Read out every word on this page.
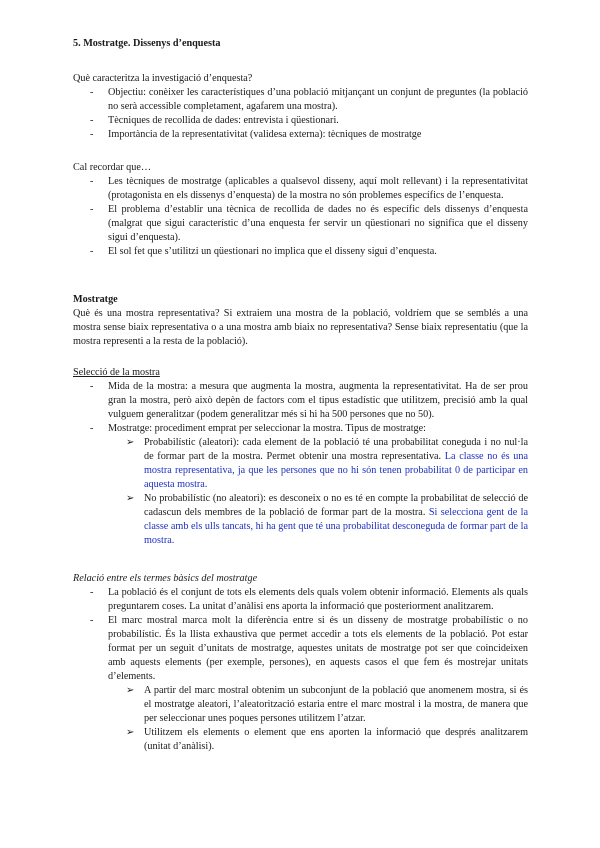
5. Mostratge. Dissenys d’enquesta
Què caracteritza la investigació d’enquesta?
- Objectiu: conèixer les característiques d’una població mitjançant un conjunt de preguntes (la població no serà accessible completament, agafarem una mostra).
- Tècniques de recollida de dades: entrevista i qüestionari.
- Importància de la representativitat (validesa externa): tècniques de mostratge
Cal recordar que…
- Les tècniques de mostratge (aplicables a qualsevol disseny, aquí molt rellevant) i la representativitat (protagonista en els dissenys d’enquesta) de la mostra no són problemes específics de l’enquesta.
- El problema d’establir una tècnica de recollida de dades no és específic dels dissenys d’enquesta (malgrat que sigui característic d’una enquesta fer servir un qüestionari no significa que el disseny sigui d’enquesta).
- El sol fet que s’utilitzi un qüestionari no implica que el disseny sigui d’enquesta.
Mostratge
Què és una mostra representativa? Si extraiem una mostra de la població, voldríem que se semblés a una mostra sense biaix representativa o a una mostra amb biaix no representativa? Sense biaix representatiu (que la mostra representi a la resta de la població).
Selecció de la mostra
- Mida de la mostra: a mesura que augmenta la mostra, augmenta la representativitat. Ha de ser prou gran la mostra, però això depèn de factors com el tipus estadístic que utilitzem, precisió amb la qual vulguem generalitzar (podem generalitzar més si hi ha 500 persones que no 50).
- Mostratge: procediment emprat per seleccionar la mostra. Tipus de mostratge:
➢ Probabilístic (aleatori): cada element de la població té una probabilitat coneguda i no nul·la de formar part de la mostra. Permet obtenir una mostra representativa. La classe no és una mostra representativa, ja que les persones que no hi són tenen probabilitat 0 de participar en aquesta mostra.
➢ No probabilístic (no aleatori): es desconeix o no es té en compte la probabilitat de selecció de cadascun dels membres de la població de formar part de la mostra. Si selecciona gent de la classe amb els ulls tancats, hi ha gent que té una probabilitat desconeguda de formar part de la mostra.
Relació entre els termes bàsics del mostratge
- La població és el conjunt de tots els elements dels quals volem obtenir informació. Elements als quals preguntarem coses. La unitat d’anàlisi ens aporta la informació que posteriorment analitzarem.
- El marc mostral marca molt la diferència entre si és un disseny de mostratge probabilístic o no probabilístic. És la llista exhaustiva que permet accedir a tots els elements de la població. Pot estar format per un seguit d’unitats de mostratge, aquestes unitats de mostratge pot ser que coincideixen amb aquests elements (per exemple, persones), en aquests casos el que fem és mostrejar unitats d’elements.
➢ A partir del marc mostral obtenim un subconjunt de la població que anomenem mostra, si és el mostratge aleatori, l’aleatorització estaria entre el marc mostral i la mostra, de manera que per seleccionar unes poques persones utilitzem l’atzar.
➢ Utilitzem els elements o element que ens aporten la informació que després analitzarem (unitat d’anàlisi).
